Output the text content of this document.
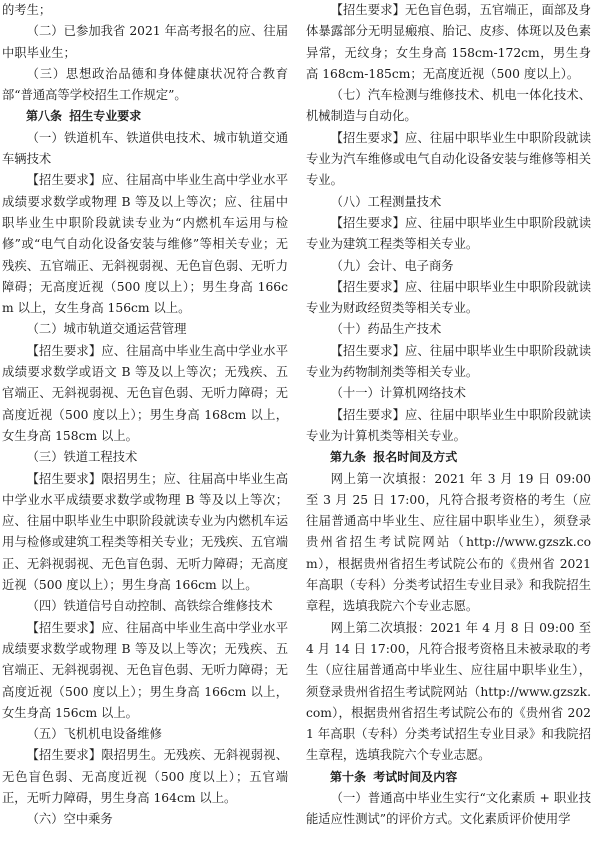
的考生；

（二）已参加我省 2021 年高考报名的应、往届中职毕业生；

（三）思想政治品德和身体健康状况符合教育部“普通高等学校招生工作规定”。

第八条 招生专业要求

（一）铁道机车、铁道供电技术、城市轨道交通车辆技术

【招生要求】应、往届高中毕业生高中学业水平成绩要求数学或物理 B 等及以上等次；应、往届中职毕业生中职阶段就读专业为“内燃机车运用与检修”或“电气自动化设备安装与维修”等相关专业；无残疾、五官端正、无斜视弱视、无色盲色弱、无听力障碍；无高度近视（500 度以上）；男生身高 166cm 以上，女生身高 156cm 以上。

（二）城市轨道交通运营管理

【招生要求】应、往届高中毕业生高中学业水平成绩要求数学或语文 B 等及以上等次；无残疾、五官端正、无斜视弱视、无色盲色弱、无听力障碍；无高度近视（500 度以上）；男生身高 168cm 以上，女生身高 158cm 以上。

（三）铁道工程技术

【招生要求】限招男生；应、往届高中毕业生高中学业水平成绩要求数学或物理 B 等及以上等次；应、往届中职毕业生中职阶段就读专业为内燃机车运用与检修或建筑工程类等相关专业；无残疾、五官端正、无斜视弱视、无色盲色弱、无听力障碍；无高度近视（500 度以上）；男生身高 166cm 以上。

（四）铁道信号自动控制、高铁综合维修技术

【招生要求】应、往届高中毕业生高中学业水平成绩要求数学或物理 B 等及以上等次；无残疾、五官端正、无斜视弱视、无色盲色弱、无听力障碍；无高度近视（500 度以上）；男生身高 166cm 以上，女生身高 156cm 以上。

（五）飞机机电设备维修

【招生要求】限招男生。无残疾、无斜视弱视、无色盲色弱、无高度近视（500 度以上）；五官端正，无听力障碍，男生身高 164cm 以上。

（六）空中乘务

【招生要求】无色盲色弱，五官端正，面部及身体暴露部分无明显瘢痕、胎记、皮疹、体斑以及色素异常，无纹身；女生身高 158cm-172cm，男生身高 168cm-185cm；无高度近视（500 度以上）。

（七）汽车检测与维修技术、机电一体化技术、机械制造与自动化。

【招生要求】应、往届中职毕业生中职阶段就读专业为汽车维修或电气自动化设备安装与维修等相关专业。

（八）工程测量技术

【招生要求】应、往届中职毕业生中职阶段就读专业为建筑工程类等相关专业。

（九）会计、电子商务

【招生要求】应、往届中职毕业生中职阶段就读专业为财政经贸类等相关专业。

（十）药品生产技术

【招生要求】应、往届中职毕业生中职阶段就读专业为药物制剂类等相关专业。

（十一）计算机网络技术

【招生要求】应、往届中职毕业生中职阶段就读专业为计算机类等相关专业。

第九条 报名时间及方式

网上第一次填报：2021 年 3 月 19 日 09:00 至 3 月 25 日 17:00，凡符合报考资格的考生（应往届普通高中毕业生、应往届中职毕业生），须登录贵州省招生考试院网站（http://www.gzszk.com），根据贵州省招生考试院公布的《贵州省 2021 年高职（专科）分类考试招生专业目录》和我院招生章程，选填我院六个专业志愿。

网上第二次填报：2021 年 4 月 8 日 09:00 至 4 月 14 日 17:00，凡符合报考资格且未被录取的考生（应往届普通高中毕业生、应往届中职毕业生），须登录贵州省招生考试院网站（http://www.gzszk.com），根据贵州省招生考试院公布的《贵州省 2021 年高职（专科）分类考试招生专业目录》和我院招生章程，选填我院六个专业志愿。

第十条 考试时间及内容

（一）普通高中毕业生实行“文化素质 + 职业技能适应性测试”的评价方式。文化素质评价使用学
